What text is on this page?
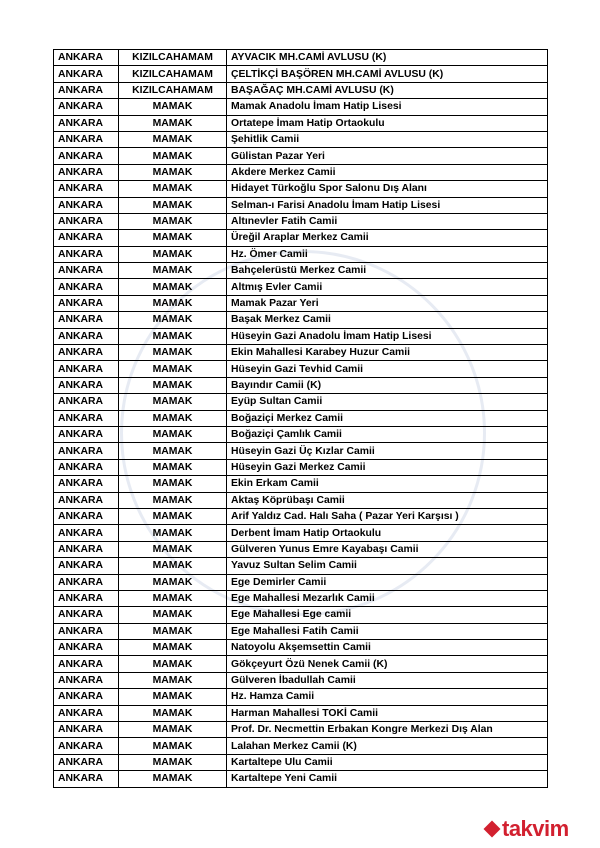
ANKARA	KIZILCAHAMAM	AYVACIK MH.CAMİ AVLUSU (K)
ANKARA	KIZILCAHAMAM	ÇELTİKÇİ BAŞÖREN MH.CAMİ AVLUSU (K)
ANKARA	KIZILCAHAMAM	BAŞAĞAÇ MH.CAMİ AVLUSU (K)
ANKARA	MAMAK	Mamak Anadolu İmam Hatip Lisesi
ANKARA	MAMAK	Ortatepe İmam Hatip Ortaokulu
ANKARA	MAMAK	Şehitlik Camii
ANKARA	MAMAK	Gülistan Pazar Yeri
ANKARA	MAMAK	Akdere Merkez Camii
ANKARA	MAMAK	Hidayet Türkoğlu Spor Salonu Dış Alanı
ANKARA	MAMAK	Selman-ı Farisi Anadolu İmam Hatip Lisesi
ANKARA	MAMAK	Altınevler Fatih Camii
ANKARA	MAMAK	Üreğil Araplar Merkez Camii
ANKARA	MAMAK	Hz. Ömer Camii
ANKARA	MAMAK	Bahçelerüstü Merkez Camii
ANKARA	MAMAK	Altmış Evler Camii
ANKARA	MAMAK	Mamak Pazar Yeri
ANKARA	MAMAK	Başak Merkez Camii
ANKARA	MAMAK	Hüseyin Gazi Anadolu İmam Hatip Lisesi
ANKARA	MAMAK	Ekin Mahallesi Karabey Huzur Camii
ANKARA	MAMAK	Hüseyin Gazi Tevhid Camii
ANKARA	MAMAK	Bayındır Camii (K)
ANKARA	MAMAK	Eyüp Sultan Camii
ANKARA	MAMAK	Boğaziçi Merkez Camii
ANKARA	MAMAK	Boğaziçi Çamlık Camii
ANKARA	MAMAK	Hüseyin Gazi Üç Kızlar Camii
ANKARA	MAMAK	Hüseyin Gazi Merkez Camii
ANKARA	MAMAK	Ekin Erkam Camii
ANKARA	MAMAK	Aktaş Köprübaşı Camii
ANKARA	MAMAK	Arif Yaldız Cad. Halı Saha ( Pazar Yeri Karşısı )
ANKARA	MAMAK	Derbent İmam Hatip Ortaokulu
ANKARA	MAMAK	Gülveren Yunus Emre Kayabaşı Camii
ANKARA	MAMAK	Yavuz Sultan Selim Camii
ANKARA	MAMAK	Ege Demirler Camii
ANKARA	MAMAK	Ege Mahallesi Mezarlık Camii
ANKARA	MAMAK	Ege Mahallesi Ege camii
ANKARA	MAMAK	Ege Mahallesi Fatih Camii
ANKARA	MAMAK	Natoyolu Akşemsettin Camii
ANKARA	MAMAK	Gökçeyurt Özü Nenek Camii (K)
ANKARA	MAMAK	Gülveren İbadullah Camii
ANKARA	MAMAK	Hz. Hamza Camii
ANKARA	MAMAK	Harman Mahallesi TOKİ Camii
ANKARA	MAMAK	Prof. Dr. Necmettin Erbakan Kongre Merkezi Dış Alan
ANKARA	MAMAK	Lalahan Merkez Camii (K)
ANKARA	MAMAK	Kartaltepe Ulu Camii
ANKARA	MAMAK	Kartaltepe Yeni Camii
takvim
